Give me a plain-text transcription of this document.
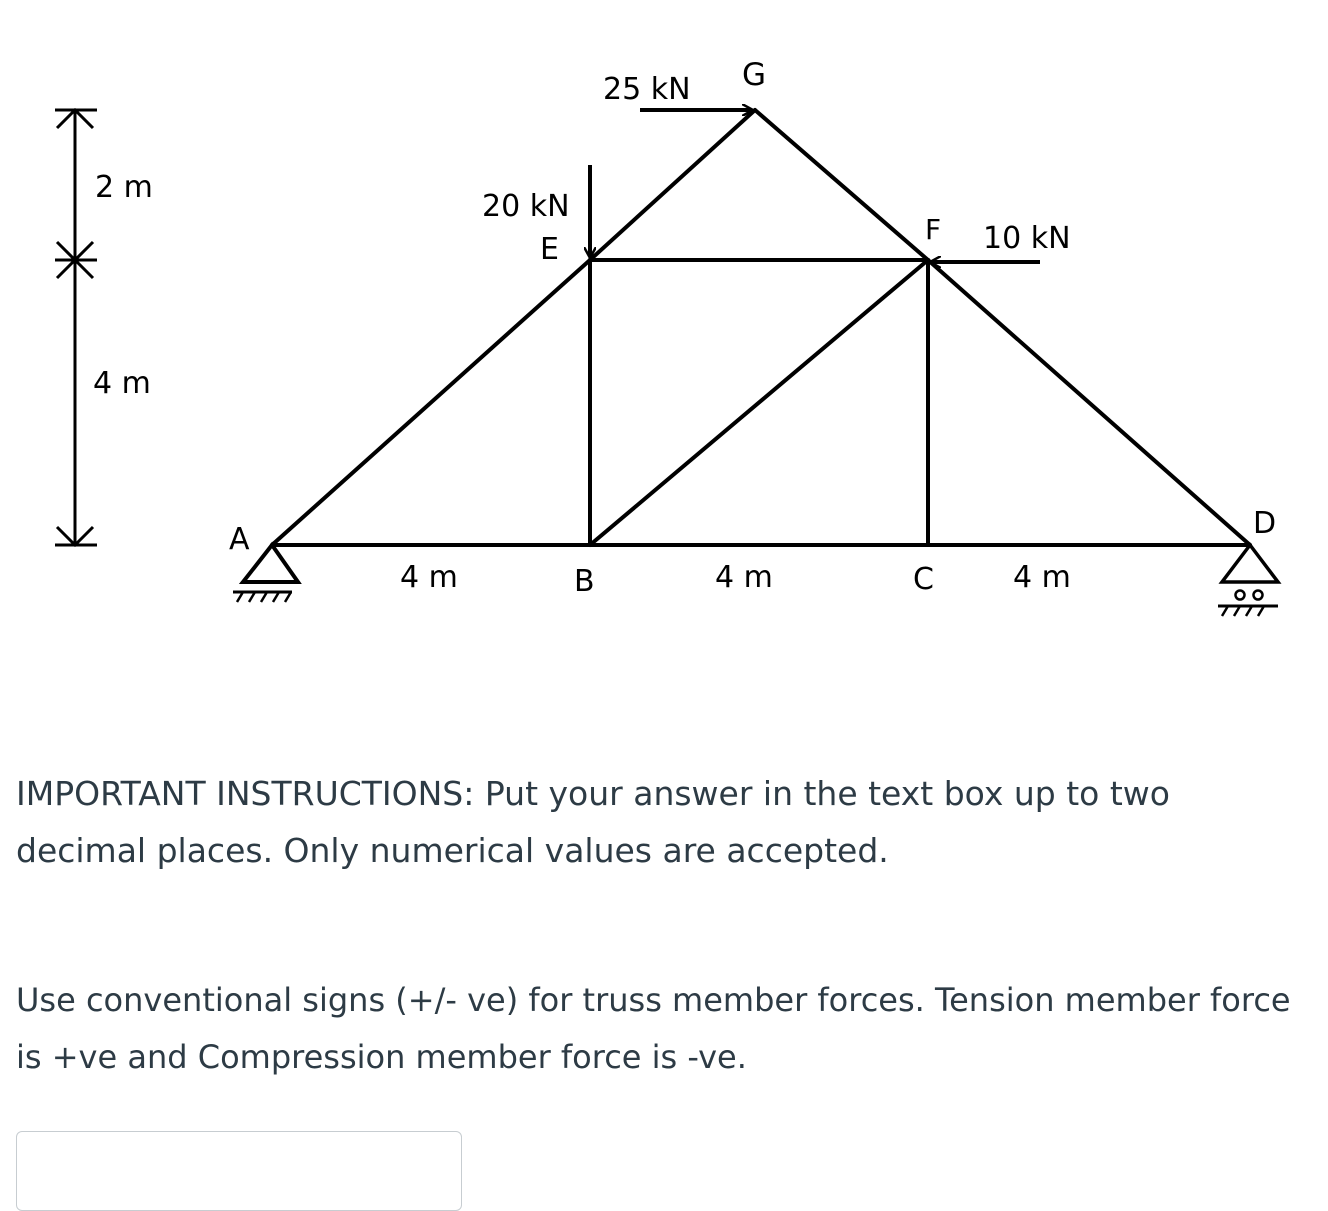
A
B	C
D
E
F
G
4 m	4 m	4 m
2 m
4 m
25 kN
20 kN
10 kN

IMPORTANT INSTRUCTIONS: Put your answer in the text box up to two decimal places. Only numerical values are accepted.

Use conventional signs (+/- ve) for truss member forces. Tension member force is +ve and Compression member force is -ve.
